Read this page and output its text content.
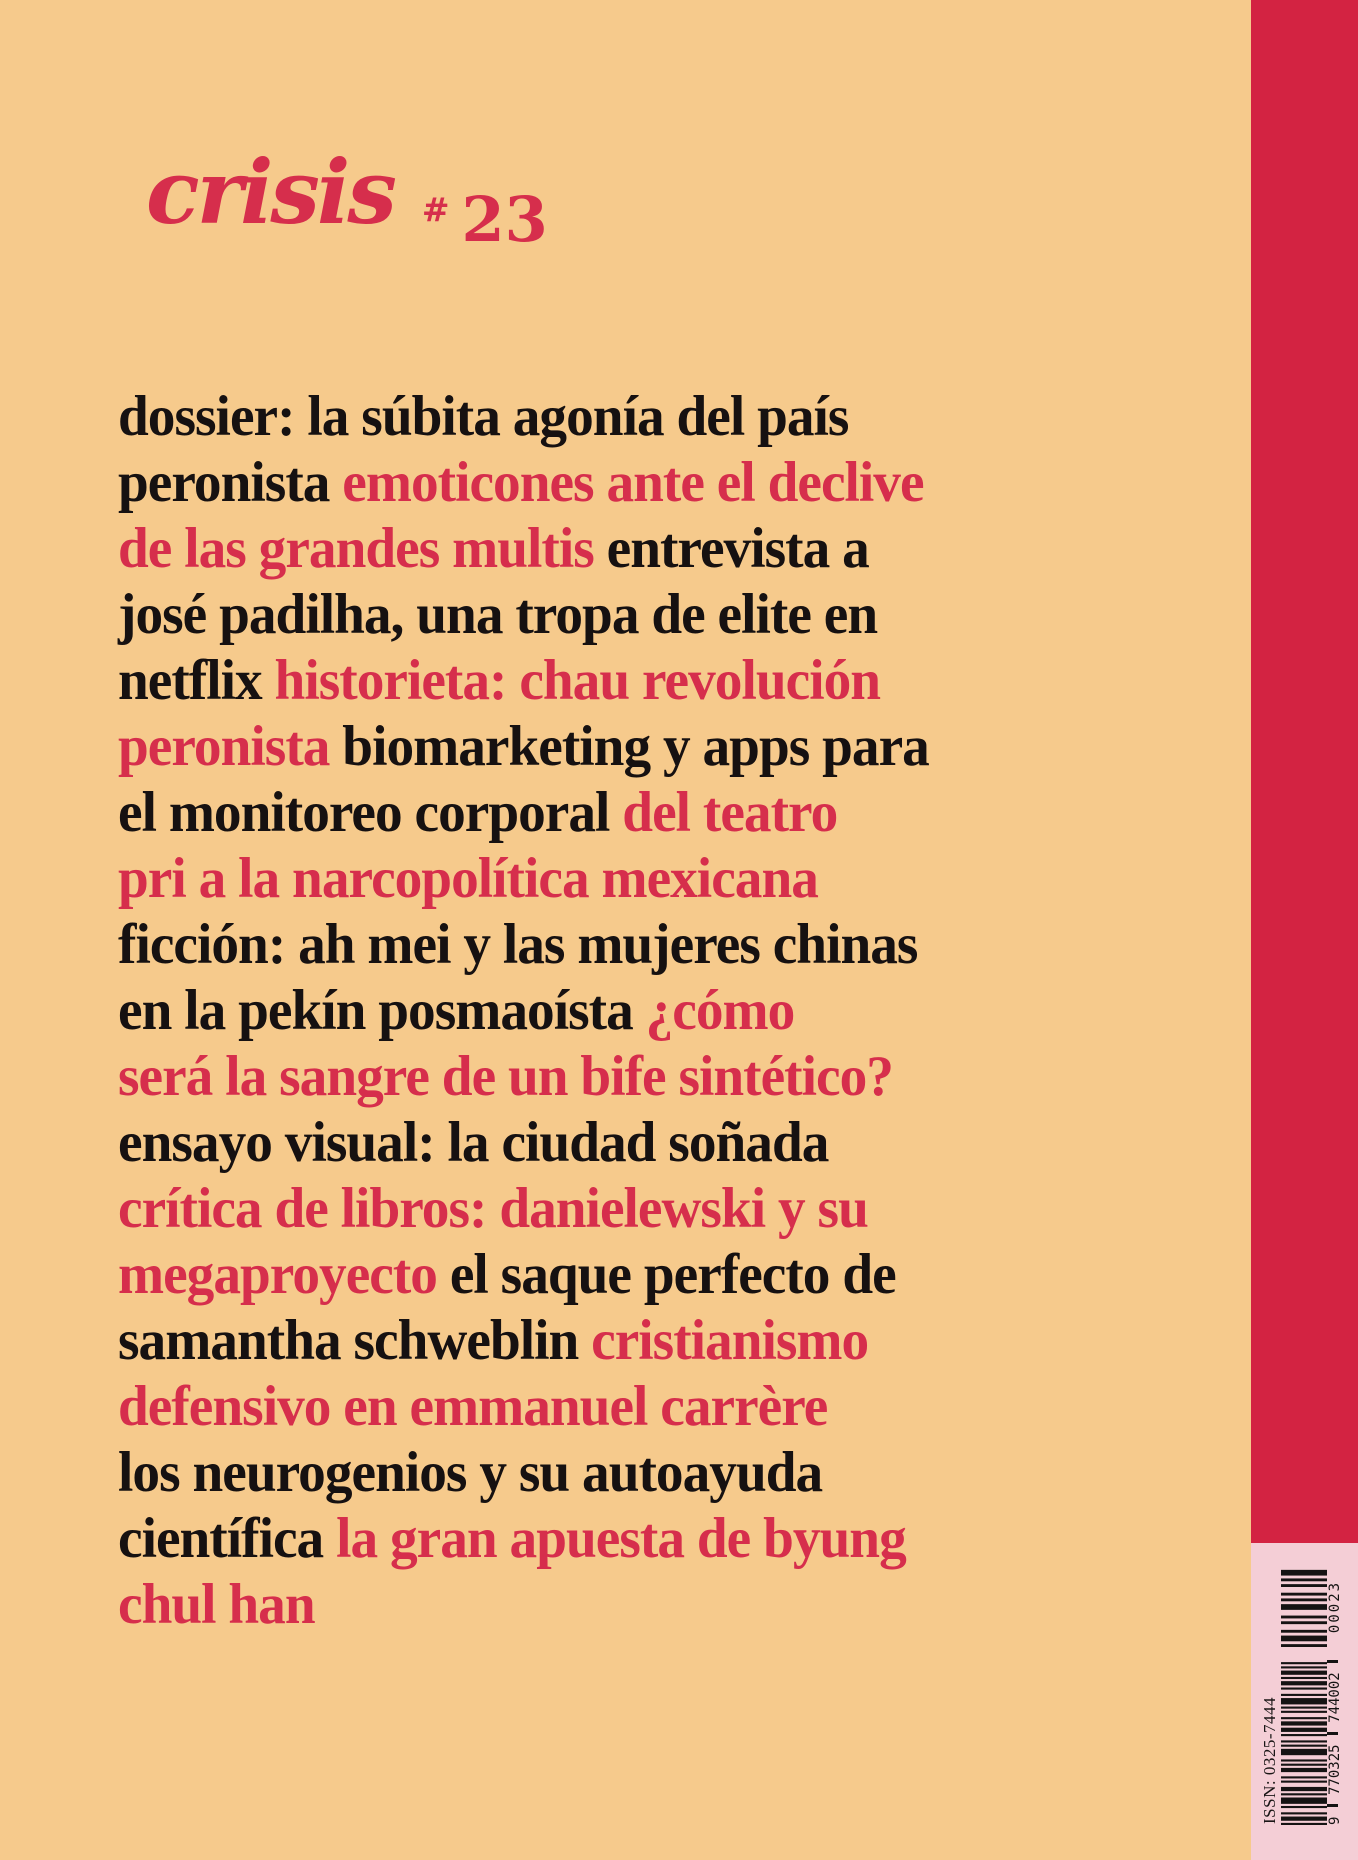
crisis # 23
dossier: la súbita agonía del país
peronista emoticones ante el declive
de las grandes multis entrevista a
josé padilha, una tropa de elite en
netflix historieta: chau revolución
peronista biomarketing y apps para
el monitoreo corporal del teatro
pri a la narcopolítica mexicana
ficción: ah mei y las mujeres chinas
en la pekín posmaoísta ¿cómo
será la sangre de un bife sintético?
ensayo visual: la ciudad soñada
crítica de libros: danielewski y su
megaproyecto el saque perfecto de
samantha schweblin cristianismo
defensivo en emmanuel carrère
los neurogenios y su autoayuda
científica la gran apuesta de byung
chul han
ISSN: 0325-7444	9
770325
744002
00023
